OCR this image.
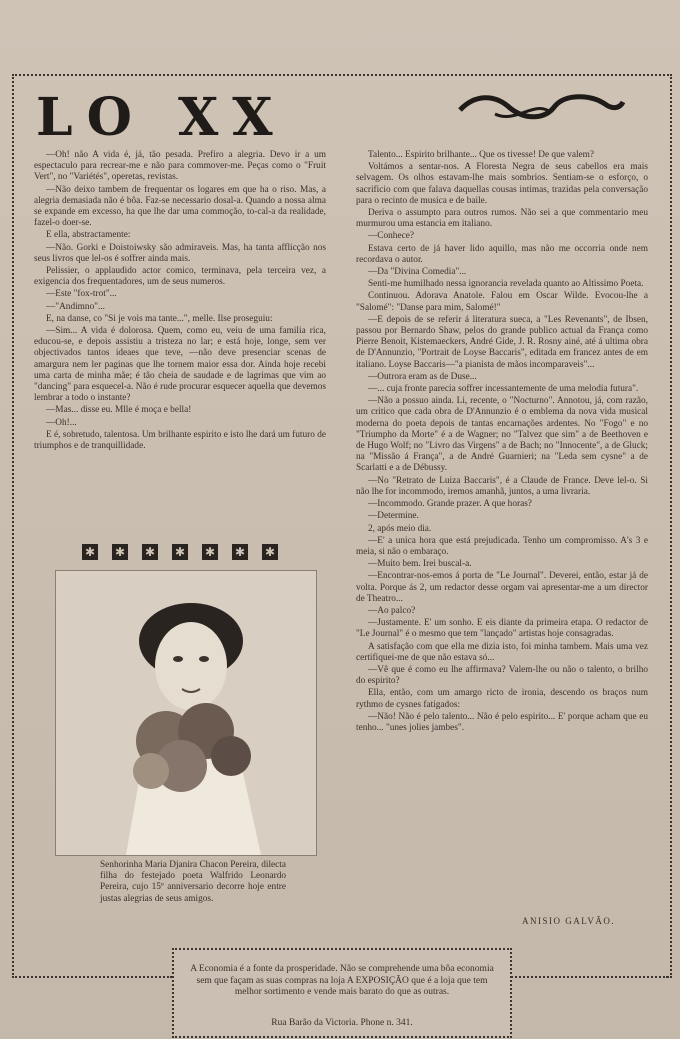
LO XX

—Oh! não A vida é, já, tão pesada. Prefiro a alegria. Devo ir a um espectaculo para recrear-me e não para commover-me. Peças como o "Fruit Vert", no "Variétés", operetas, revistas.

—Não deixo tambem de frequentar os logares em que ha o riso. Mas, a alegria demasiada não é bôa. Faz-se necessario dosal-a. Quando a nossa alma se expande em excesso, ha que lhe dar uma commoção, to-cal-a da realidade, fazel-o doer-se.

E ella, abstractamente:

—Não. Gorki e Doistoiwsky são admiraveis. Mas, ha tanta afflicção nos seus livros que lel-os é soffrer ainda mais.

Pelissier, o applaudido actor comico, terminava, pela terceira vez, a exigencia dos frequentadores, um de seus numeros.

—Este "fox-trot"...

—"Andimno"...

E, na danse, co "Si je vois ma tante...", melle. Ilse proseguiu:

—Sim... A vida é dolorosa. Quem, como eu, veiu de uma familia rica, educou-se, e depois assistiu a tristeza no lar; e está hoje, longe, sem ver objectivados tantos ideaes que teve, —não deve presenciar scenas de amargura nem ler paginas que lhe tornem maior essa dor. Ainda hoje recebi uma carta de minha mãe; é tão cheia de saudade e de lagrimas que vim ao "dancing" para esquecel-a. Não é rude procurar esquecer aquella que devemos lembrar a todo o instante?

—Mas... disse eu. Mlle é moça e bella!

—Oh!...

E é, sobretudo, talentosa. Um brilhante espirito e isto lhe dará um futuro de triumphos e de tranquillidade.

✱ ✱ ✱ ✱ ✱ ✱ ✱
Senhorinha Maria Djanira Chacon Pereira, dilecta filha do festejado poeta Walfrido Leonardo Pereira, cujo 15º anniversario decorre hoje entre justas alegrias de seus amigos.

Talento... Espirito brilhante... Que os tivesse! De que valem?

Voltámos a sentar-nos. A Floresta Negra de seus cabellos era mais selvagem. Os olhos estavam-lhe mais sombrios. Sentiam-se o esforço, o sacrificio com que falava daquellas cousas intimas, trazidas pela conversação para o recinto de musica e de baile.

Deriva o assumpto para outros rumos. Não sei a que commentario meu murmurou uma estancia em italiano.

—Conhece?

Estava certo de já haver lido aquillo, mas não me occorria onde nem recordava o autor.

—Da "Divina Comedia"...

Senti-me humilhado nessa ignorancia revelada quanto ao Altissimo Poeta.

Continuou. Adorava Anatole. Falou em Oscar Wilde. Evocou-lhe a "Salomé": "Danse para mim, Salomé!"

—E depois de se referir á literatura sueca, a "Les Revenants", de Ibsen, passou por Bernardo Shaw, pelos do grande publico actual da França como Pierre Benoit, Kistemaeckers, André Gide, J. R. Rosny ainé, até á ultima obra de D'Annunzio, "Portrait de Loyse Baccaris", editada em francez antes de em italiano. Loyse Baccaris—"a pianista de mãos incomparaveis"...

—Outrora eram as de Duse...

—... cuja fronte parecia soffrer incessantemente de uma melodia futura".

—Não a possuo ainda. Li, recente, o "Nocturno". Annotou, já, com razão, um critico que cada obra de D'Annunzio é o emblema da nova vida musical moderna do poeta depois de tantas encarnações ardentes. No "Fogo" e no "Triumpho da Morte" é a de Wagner; no "Talvez que sim" a de Beethoven e de Hugo Wolf; no "Livro das Virgens" a de Bach; no "Innocente", a de Gluck; na "Missão á França", a de André Guarnieri; na "Leda sem cysne" a de Scarlatti e a de Débussy.

—No "Retrato de Luiza Baccaris", é a Claude de France. Deve lel-o. Si não lhe for incommodo, iremos amanhã, juntos, a uma livraria.

—Incommodo. Grande prazer. A que horas?

—Determine.

2, após meio dia.

—E' a unica hora que está prejudicada. Tenho um compromisso. A's 3 e meia, si não o embaraço.

—Muito bem. Irei buscal-a.

—Encontrar-nos-emos á porta de "Le Journal". Deverei, então, estar já de volta. Porque ás 2, um redactor desse orgam vai apresentar-me a um director de Theatro...

—Ao palco?

—Justamente. E' um sonho. E eis diante da primeira etapa. O redactor de "Le Journal" é o mesmo que tem "lançado" artistas hoje consagradas.

A satisfação com que ella me dizia isto, foi minha tambem. Mais uma vez certifiquei-me de que não estava só...

—Vê que é como eu lhe affirmava? Valem-lhe ou não o talento, o brilho do espirito?

Ella, então, com um amargo ricto de ironia, descendo os braços num rythmo de cysnes fatigados:

—Não! Não é pelo talento... Não é pelo espirito... E' porque acham que eu tenho... "unes jolies jambes".

ANISIO GALVÃO.
A Economia é a fonte da prosperidade. Não se comprehende uma bôa economia sem que façam as suas compras na loja A EXPOSIÇÃO que é a loja que tem melhor sortimento e vende mais barato do que as outras.
Rua Barão da Victoria. Phone n. 341.
